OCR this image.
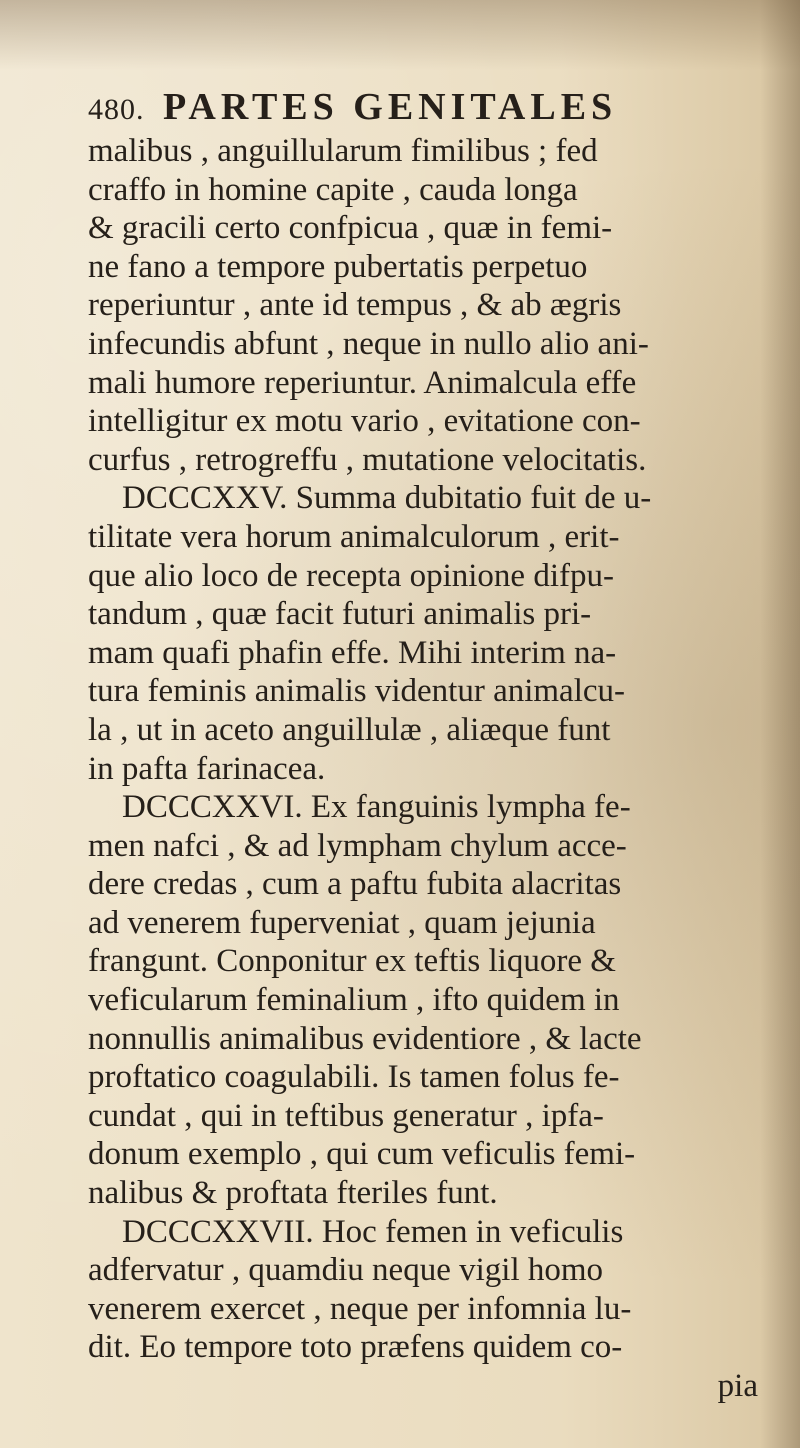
480. PARTES GENITALES
malibus , anguillularum fimilibus ; fed
craffo in homine capite , cauda longa
& gracili certo confpicua , quæ in femi-
ne fano a tempore pubertatis perpetuo
reperiuntur , ante id tempus , & ab ægris
infecundis abfunt , neque in nullo alio ani-
mali humore reperiuntur. Animalcula effe
intelligitur ex motu vario , evitatione con-
curfus , retrogreffu , mutatione velocitatis.
DCCCXXV. Summa dubitatio fuit de u-
tilitate vera horum animalculorum , erit-
que alio loco de recepta opinione difpu-
tandum , quæ facit futuri animalis pri-
mam quafi phafin effe. Mihi interim na-
tura feminis animalis videntur animalcu-
la , ut in aceto anguillulæ , aliæque funt
in pafta farinacea.
DCCCXXVI. Ex fanguinis lympha fe-
men nafci , & ad lympham chylum acce-
dere credas , cum a paftu fubita alacritas
ad venerem fuperveniat , quam jejunia
frangunt. Conponitur ex teftis liquore &
veficularum feminalium , ifto quidem in
nonnullis animalibus evidentiore , & lacte
proftatico coagulabili. Is tamen folus fe-
cundat , qui in teftibus generatur , ipfa-
donum exemplo , qui cum veficulis femi-
nalibus & proftata fteriles funt.
DCCCXXVII. Hoc femen in veficulis
adfervatur , quamdiu neque vigil homo
venerem exercet , neque per infomnia lu-
dit. Eo tempore toto præfens quidem co-
pia
